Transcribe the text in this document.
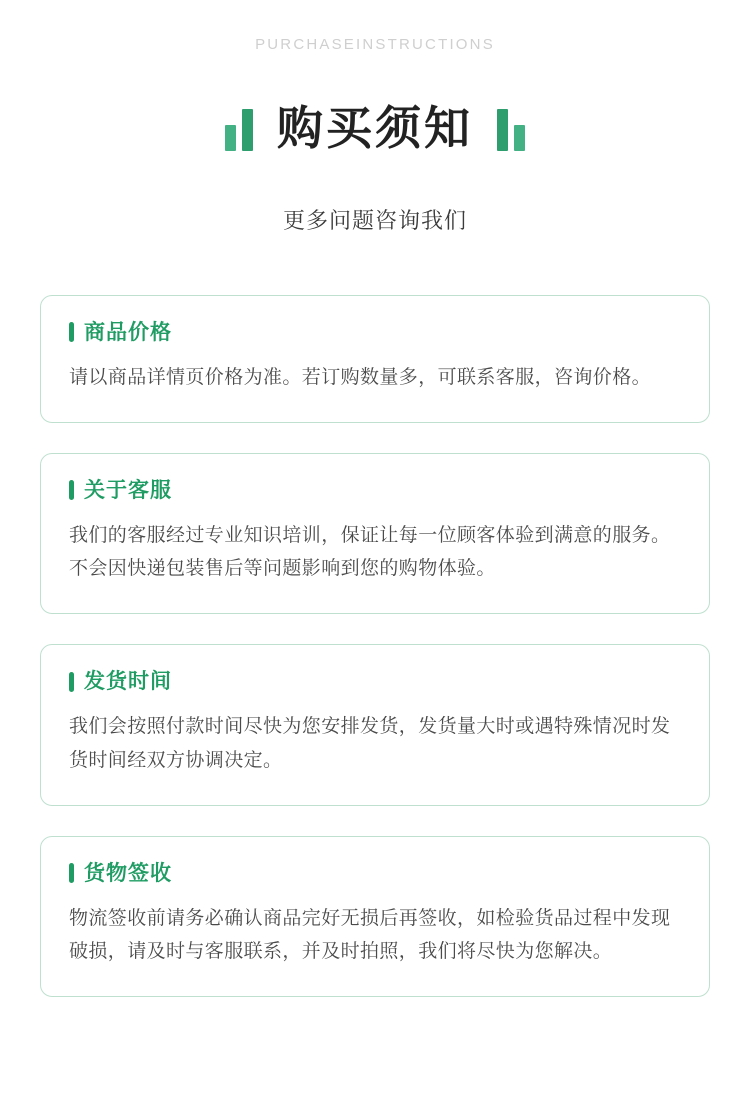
PURCHASEINSTRUCTIONS
购买须知
更多问题咨询我们
商品价格
请以商品详情页价格为准。若订购数量多，可联系客服，咨询价格。
关于客服
我们的客服经过专业知识培训，保证让每一位顾客体验到满意的服务。不会因快递包装售后等问题影响到您的购物体验。
发货时间
我们会按照付款时间尽快为您安排发货，发货量大时或遇特殊情况时发货时间经双方协调决定。
货物签收
物流签收前请务必确认商品完好无损后再签收，如检验货品过程中发现破损，请及时与客服联系，并及时拍照，我们将尽快为您解决。
